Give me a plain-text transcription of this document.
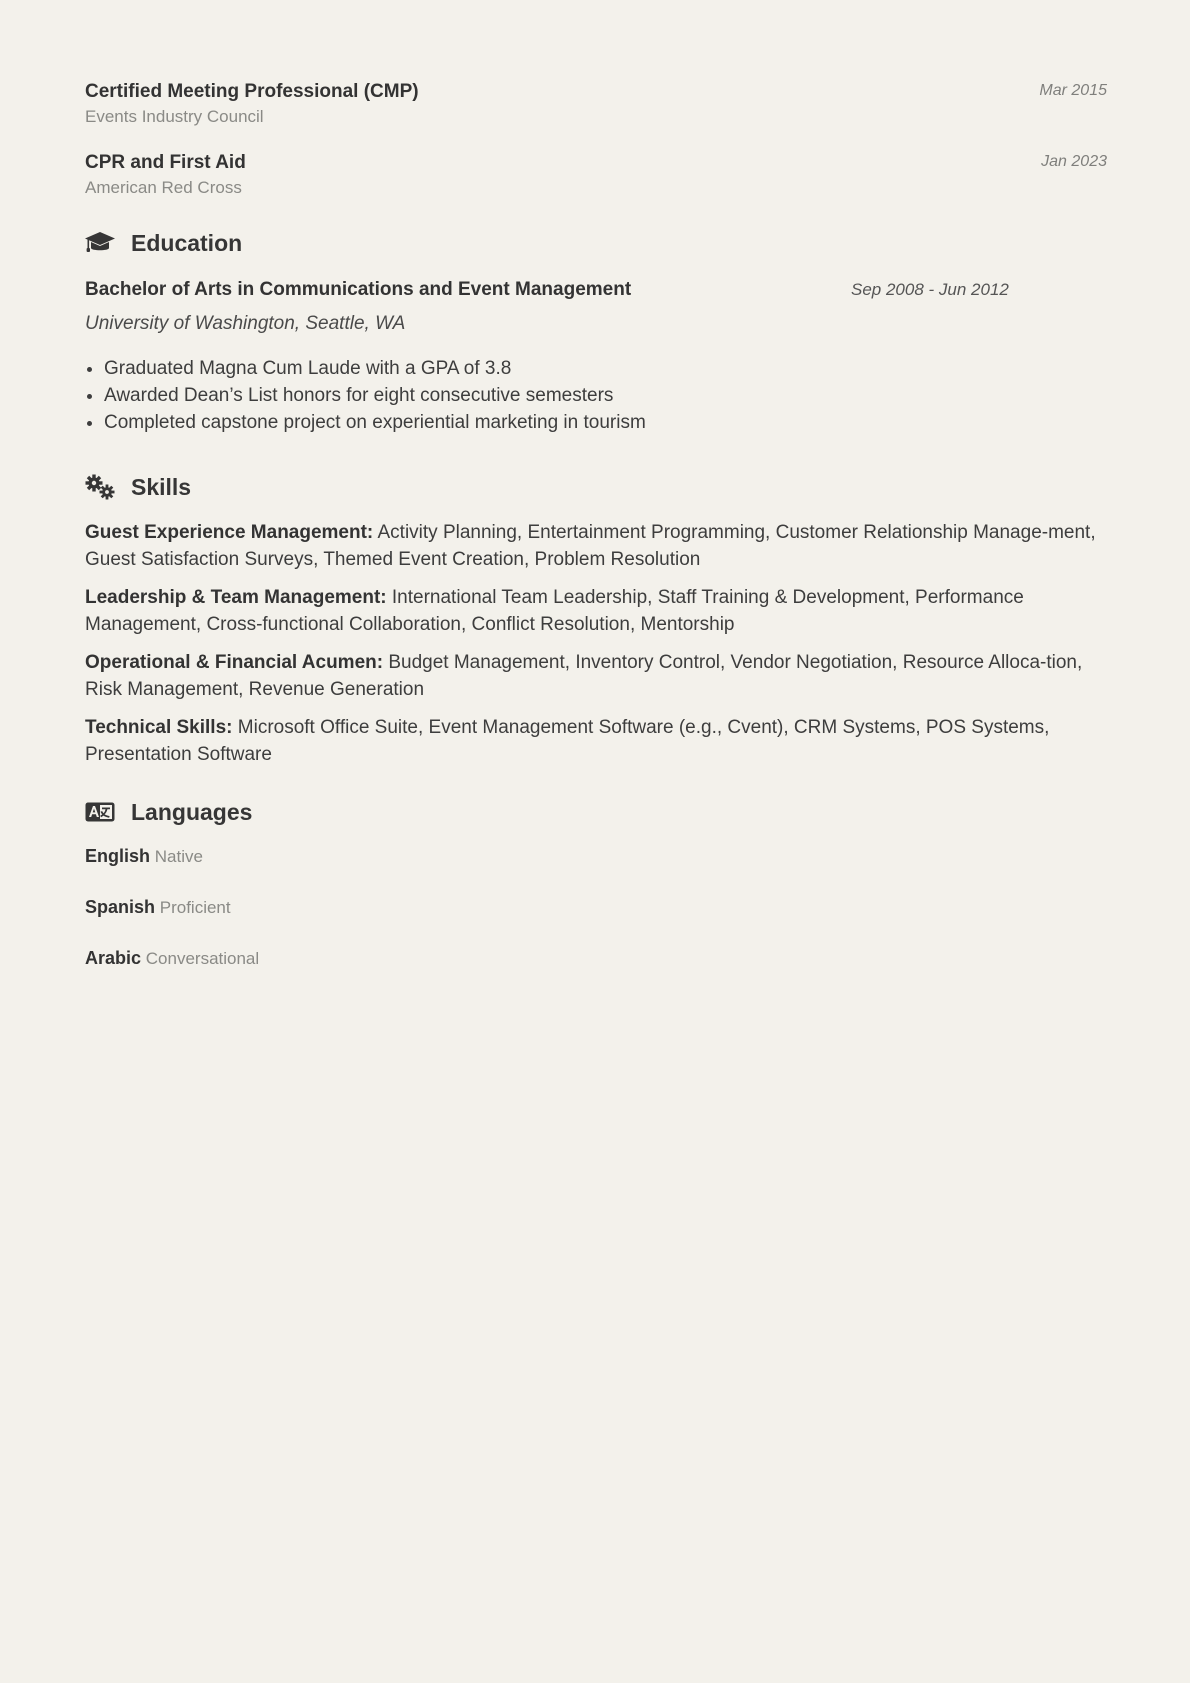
Certified Meeting Professional (CMP)
Events Industry Council
Mar 2015
CPR and First Aid
American Red Cross
Jan 2023
Education
Bachelor of Arts in Communications and Event Management	Sep 2008 - Jun 2012
University of Washington, Seattle, WA
Graduated Magna Cum Laude with a GPA of 3.8
Awarded Dean’s List honors for eight consecutive semesters
Completed capstone project on experiential marketing in tourism
Skills
Guest Experience Management: Activity Planning, Entertainment Programming, Customer Relationship Manage-ment, Guest Satisfaction Surveys, Themed Event Creation, Problem Resolution
Leadership & Team Management: International Team Leadership, Staff Training & Development, Performance Management, Cross-functional Collaboration, Conflict Resolution, Mentorship
Operational & Financial Acumen: Budget Management, Inventory Control, Vendor Negotiation, Resource Alloca-tion, Risk Management, Revenue Generation
Technical Skills: Microsoft Office Suite, Event Management Software (e.g., Cvent), CRM Systems, POS Systems, Presentation Software
Languages
English Native
Spanish Proficient
Arabic Conversational
